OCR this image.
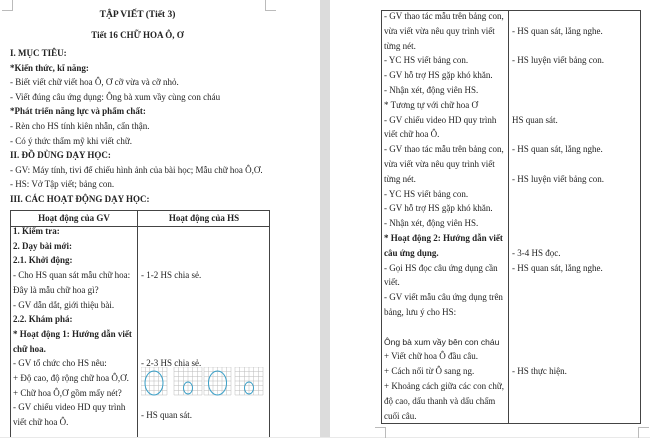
TẬP VIẾT (Tiết 3)
Tiết 16 CHỮ HOA Ô, Ơ
I. MỤC TIÊU:
*Kiến thức, kĩ năng:
- Biết viết chữ viết hoa Ô, Ơ cỡ vừa và cỡ nhỏ.
- Viết đúng câu ứng dụng: Ông bà xum vầy cùng con cháu
*Phát triển năng lực và phẩm chất:
- Rèn cho HS tính kiên nhẫn, cẩn thận.
- Có ý thức thẩm mỹ khi viết chữ.
II. ĐỒ DÙNG DẠY HỌC:
- GV: Máy tính, tivi để chiếu hình ảnh của bài học; Mẫu chữ hoa Ô,Ơ.
- HS: Vở Tập viết; bảng con.
III. CÁC HOẠT ĐỘNG DẠY HỌC:
Hoạt động của GV	Hoạt động của HS
1. Kiểm tra:
2. Dạy bài mới:
2.1. Khởi động:
- Cho HS quan sát mẫu chữ hoa:
Đây là mẫu chữ hoa gì?
- GV dẫn dắt, giới thiệu bài.
2.2. Khám phá:
* Hoạt động 1: Hướng dẫn viết
chữ hoa.
- GV tổ chức cho HS nêu:
+ Độ cao, độ rộng chữ hoa Ô,Ơ.
+ Chữ hoa Ô,Ơ gồm mấy nét?
- GV chiếu video HD quy trình
viết chữ hoa Ô.
- 1-2 HS chia sẻ.
- 2-3 HS chia sẻ.
- HS quan sát.
- GV thao tác mẫu trên bảng con,
vừa viết vừa nêu quy trình viết
từng nét.
- YC HS viết bảng con.
- GV hỗ trợ HS gặp khó khăn.
- Nhận xét, động viên HS.
* Tương tự với chữ hoa Ơ
- GV chiếu video HD quy trình
viết chữ hoa Ô.
- GV thao tác mẫu trên bảng con,
vừa viết vừa nêu quy trình viết
từng nét.
- YC HS viết bảng con.
- GV hỗ trợ HS gặp khó khăn.
- Nhận xét, động viên HS.
* Hoạt động 2: Hướng dẫn viết
câu ứng dụng.
- Gọi HS đọc câu ứng dụng cần
viết.
- GV viết mẫu câu ứng dụng trên
bảng, lưu ý cho HS:
Ông bà xum vầy bên con cháu
+ Viết chữ hoa Ô đầu câu.
+ Cách nối từ Ô sang ng.
+ Khoảng cách giữa các con chữ,
độ cao, dấu thanh và dấu chấm
cuối câu.
- HS quan sát, lắng nghe.
- HS luyện viết bảng con.
HS quan sát.
- HS quan sát, lắng nghe.
- HS luyện viết bảng con.
- 3-4 HS đọc.
- HS quan sát, lắng nghe.
- HS thực hiện.
